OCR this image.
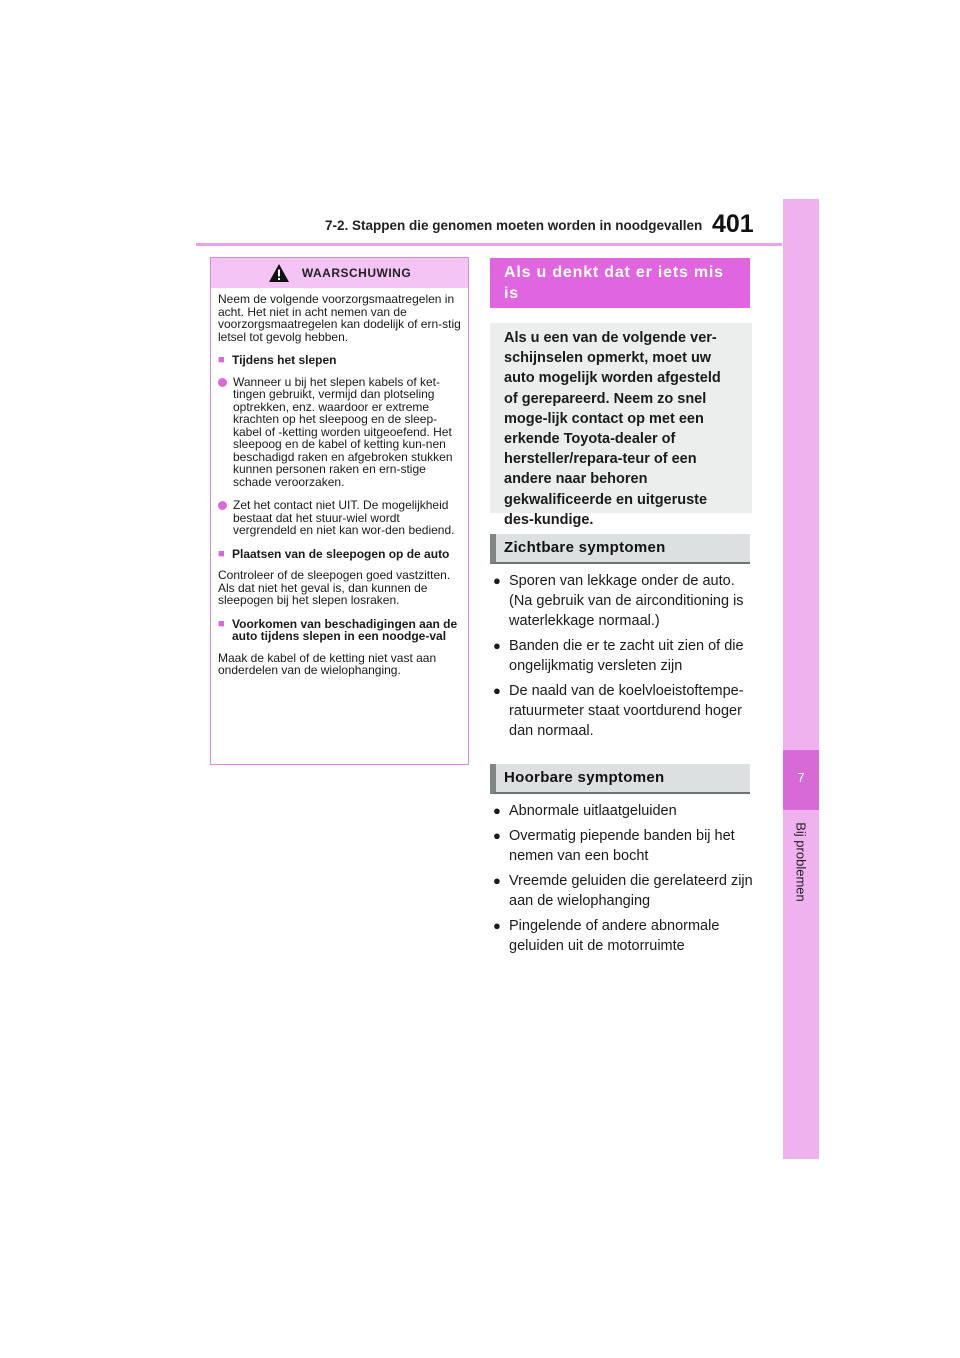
7-2. Stappen die genomen moeten worden in noodgevallen 401
7
Bij problemen
WAARSCHUWING

Neem de volgende voorzorgsmaatregelen in acht. Het niet in acht nemen van de voorzorgsmaatregelen kan dodelijk of ern-stig letsel tot gevolg hebben.

■ Tijdens het slepen
Wanneer u bij het slepen kabels of ket-tingen gebruikt, vermijd dan plotseling optrekken, enz. waardoor er extreme krachten op het sleepoog en de sleep-kabel of -ketting worden uitgeoefend. Het sleepoog en de kabel of ketting kun-nen beschadigd raken en afgebroken stukken kunnen personen raken en ern-stige schade veroorzaken.
Zet het contact niet UIT. De mogelijkheid bestaat dat het stuur-wiel wordt vergrendeld en niet kan wor-den bediend.
■ Plaatsen van de sleepogen op de auto

Controleer of de sleepogen goed vastzitten. Als dat niet het geval is, dan kunnen de sleepogen bij het slepen losraken.

■ Voorkomen van beschadigingen aan de auto tijdens slepen in een noodge-val

Maak de kabel of de ketting niet vast aan onderdelen van de wielophanging.

Als u denkt dat er iets mis is
Als u een van de volgende ver-schijnselen opmerkt, moet uw auto mogelijk worden afgesteld of gerepareerd. Neem zo snel moge-lijk contact op met een erkende Toyota-dealer of hersteller/repara-teur of een andere naar behoren gekwalificeerde en uitgeruste des-kundige.
Zichtbare symptomen
● Sporen van lekkage onder de auto. (Na gebruik van de airconditioning is waterlekkage normaal.)
● Banden die er te zacht uit zien of die ongelijkmatig versleten zijn
● De naald van de koelvloeistoftempe-ratuurmeter staat voortdurend hoger dan normaal.
Hoorbare symptomen
● Abnormale uitlaatgeluiden
● Overmatig piepende banden bij het nemen van een bocht
● Vreemde geluiden die gerelateerd zijn aan de wielophanging
● Pingelende of andere abnormale geluiden uit de motorruimte
